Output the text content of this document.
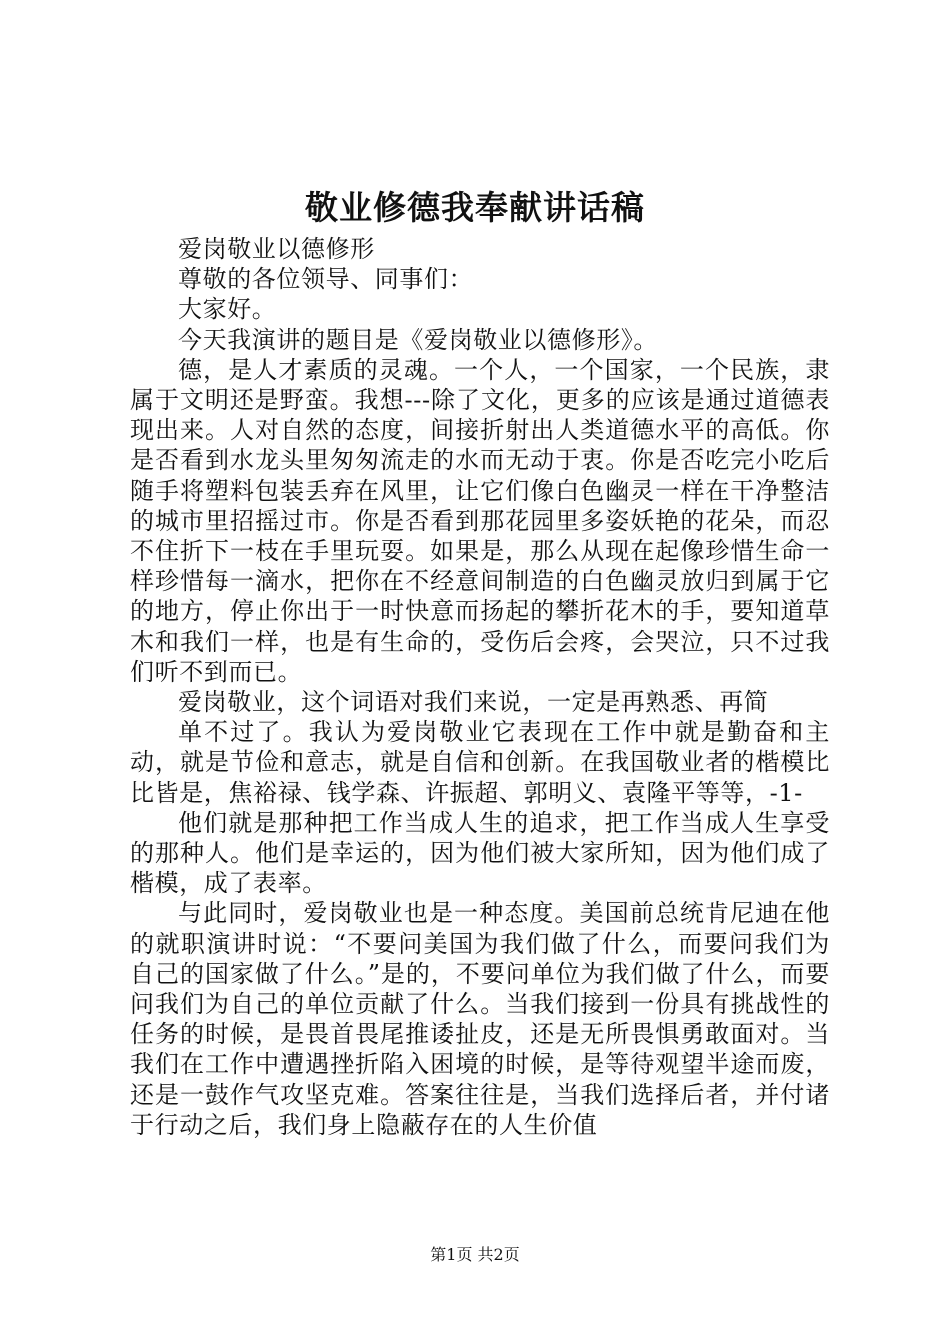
敬业修德我奉献讲话稿

爱岗敬业以德修形

尊敬的各位领导、同事们：

大家好。

今天我演讲的题目是《爱岗敬业以德修形》。

德，是人才素质的灵魂。一个人，一个国家，一个民族，隶属于文明还是野蛮。我想---除了文化，更多的应该是通过道德表现出来。人对自然的态度，间接折射出人类道德水平的高低。你是否看到水龙头里匆匆流走的水而无动于衷。你是否吃完小吃后随手将塑料包装丢弃在风里，让它们像白色幽灵一样在干净整洁的城市里招摇过市。你是否看到那花园里多姿妖艳的花朵，而忍不住折下一枝在手里玩耍。如果是，那么从现在起像珍惜生命一样珍惜每一滴水，把你在不经意间制造的白色幽灵放归到属于它的地方，停止你出于一时快意而扬起的攀折花木的手，要知道草木和我们一样，也是有生命的，受伤后会疼，会哭泣，只不过我们听不到而已。

爱岗敬业，这个词语对我们来说，一定是再熟悉、再简

单不过了。我认为爱岗敬业它表现在工作中就是勤奋和主动，就是节俭和意志，就是自信和创新。在我国敬业者的楷模比比皆是，焦裕禄、钱学森、许振超、郭明义、袁隆平等等，-1-

他们就是那种把工作当成人生的追求，把工作当成人生享受的那种人。他们是幸运的，因为他们被大家所知，因为他们成了楷模，成了表率。

与此同时，爱岗敬业也是一种态度。美国前总统肯尼迪在他的就职演讲时说：“不要问美国为我们做了什么，而要问我们为自己的国家做了什么。”是的，不要问单位为我们做了什么，而要问我们为自己的单位贡献了什么。当我们接到一份具有挑战性的任务的时候，是畏首畏尾推诿扯皮，还是无所畏惧勇敢面对。当我们在工作中遭遇挫折陷入困境的时候，是等待观望半途而废，还是一鼓作气攻坚克难。答案往往是，当我们选择后者，并付诸于行动之后，我们身上隐蔽存在的人生价值

第1页 共2页
